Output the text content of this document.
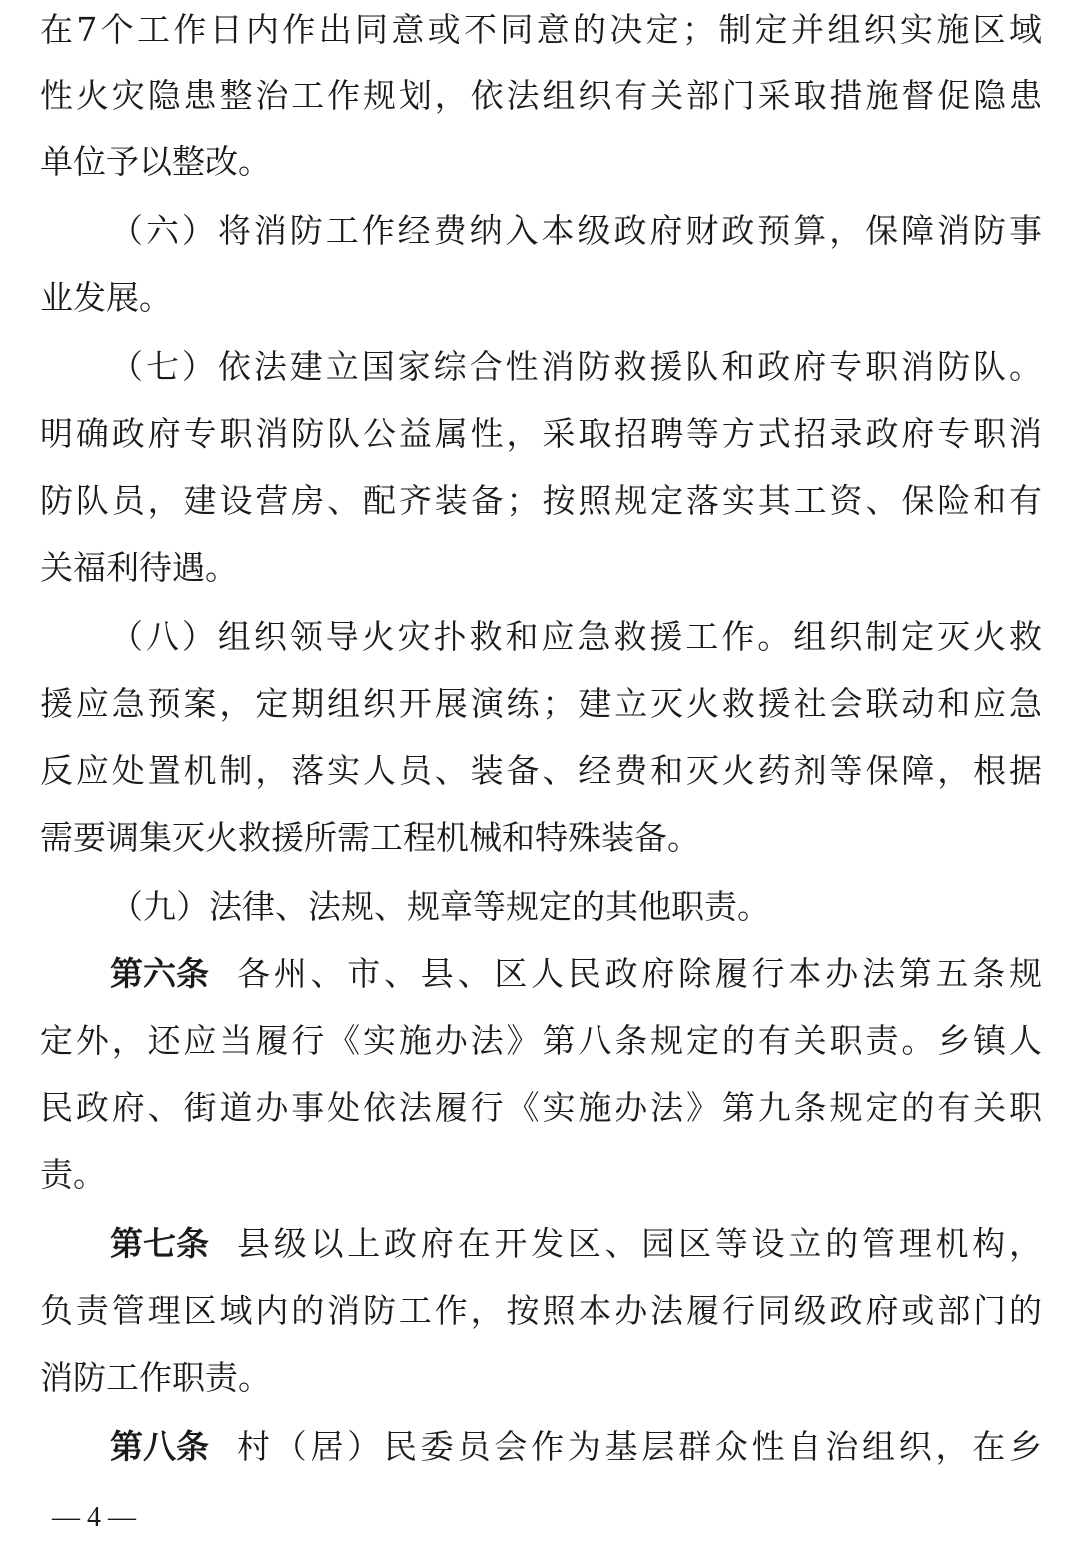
在7个工作日内作出同意或不同意的决定；制定并组织实施区域
性火灾隐患整治工作规划，依法组织有关部门采取措施督促隐患
单位予以整改。
（六）将消防工作经费纳入本级政府财政预算，保障消防事
业发展。
（七）依法建立国家综合性消防救援队和政府专职消防队。
明确政府专职消防队公益属性，采取招聘等方式招录政府专职消
防队员，建设营房、配齐装备；按照规定落实其工资、保险和有
关福利待遇。
（八）组织领导火灾扑救和应急救援工作。组织制定灭火救
援应急预案，定期组织开展演练；建立灭火救援社会联动和应急
反应处置机制，落实人员、装备、经费和灭火药剂等保障，根据
需要调集灭火救援所需工程机械和特殊装备。
（九）法律、法规、规章等规定的其他职责。
第六条 各州、市、县、区人民政府除履行本办法第五条规
定外，还应当履行《实施办法》第八条规定的有关职责。乡镇人
民政府、街道办事处依法履行《实施办法》第九条规定的有关职
责。
第七条 县级以上政府在开发区、园区等设立的管理机构，
负责管理区域内的消防工作，按照本办法履行同级政府或部门的
消防工作职责。
第八条 村（居）民委员会作为基层群众性自治组织，在乡
— 4 —
